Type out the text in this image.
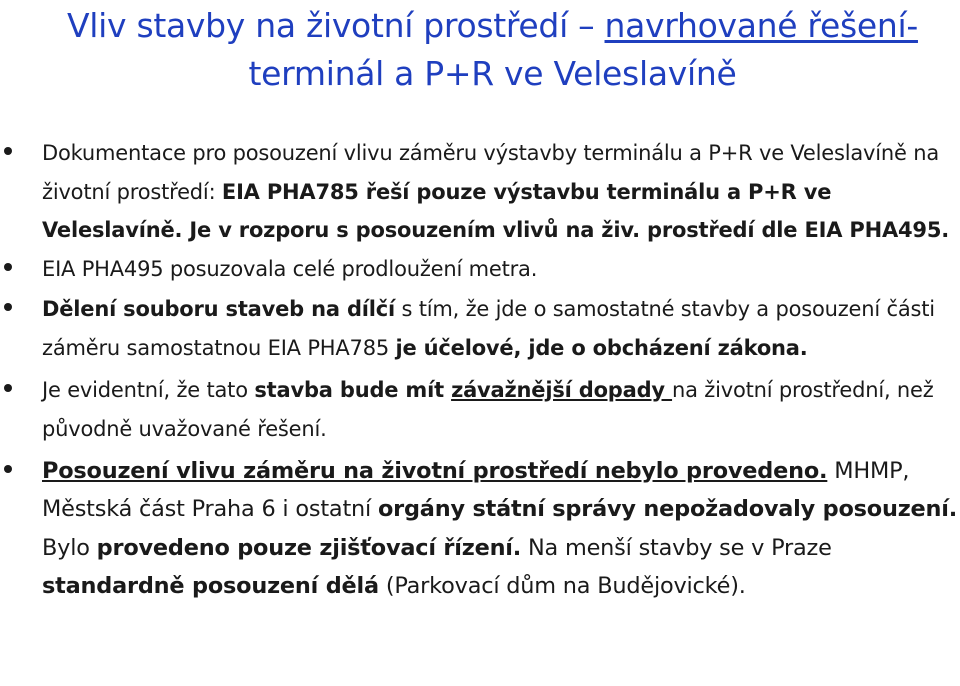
Vliv stavby na životní prostředí – navrhované řešení-
terminál a P+R ve Veleslavíně
Dokumentace pro posouzení vlivu záměru výstavby terminálu a P+R ve Veleslavíně na životní prostředí: EIA PHA785 řeší pouze výstavbu terminálu a P+R ve Veleslavíně. Je v rozporu s posouzením vlivů na živ. prostředí dle EIA PHA495.
EIA PHA495 posuzovala celé prodloužení metra.
Dělení souboru staveb na dílčí s tím, že jde o samostatné stavby a posouzení části záměru samostatnou EIA PHA785 je účelové, jde o obcházení zákona.
Je evidentní, že tato stavba bude mít závažnější dopady na životní prostřední, než původně uvažované řešení.
Posouzení vlivu záměru na životní prostředí nebylo provedeno. MHMP, Městská část Praha 6 i ostatní orgány státní správy nepožadovaly posouzení. Bylo provedeno pouze zjišťovací řízení. Na menší stavby se v Praze standardně posouzení dělá (Parkovací dům na Budějovické).
